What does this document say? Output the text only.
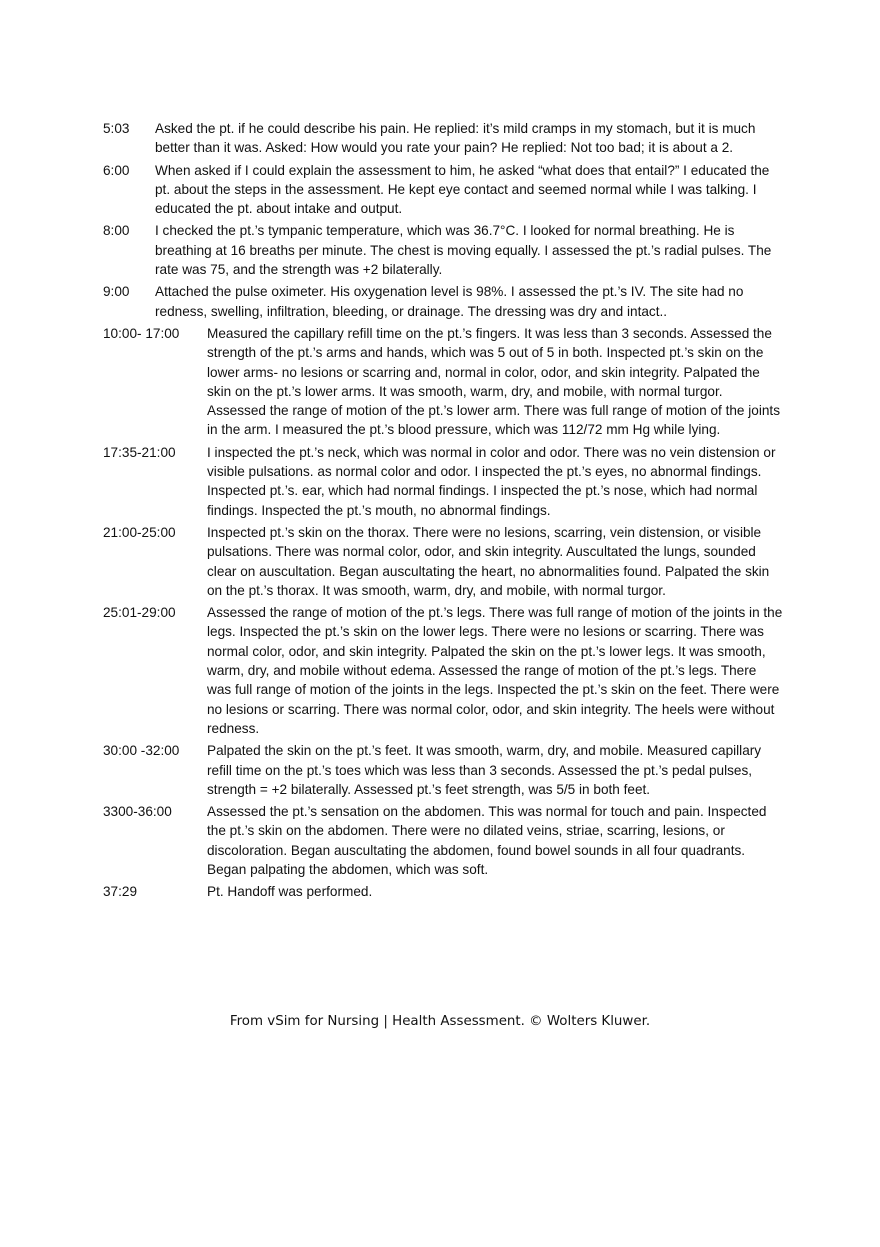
5:03	Asked the pt. if he could describe his pain. He replied: it’s mild cramps in my stomach, but it is much better than it was. Asked: How would you rate your pain? He replied: Not too bad; it is about a 2.
6:00	When asked if I could explain the assessment to him, he asked “what does that entail?” I educated the pt. about the steps in the assessment. He kept eye contact and seemed normal while I was talking. I educated the pt. about intake and output.
8:00	I checked the pt.’s tympanic temperature, which was 36.7°C. I looked for normal breathing. He is breathing at 16 breaths per minute. The chest is moving equally. I assessed the pt.’s radial pulses. The rate was 75, and the strength was +2 bilaterally.
9:00	Attached the pulse oximeter. His oxygenation level is 98%. I assessed the pt.’s IV. The site had no redness, swelling, infiltration, bleeding, or drainage. The dressing was dry and intact..
10:00- 17:00	Measured the capillary refill time on the pt.’s fingers. It was less than 3 seconds. Assessed the strength of the pt.’s arms and hands, which was 5 out of 5 in both. Inspected pt.’s skin on the lower arms- no lesions or scarring and, normal in color, odor, and skin integrity. Palpated the skin on the pt.’s lower arms. It was smooth, warm, dry, and mobile, with normal turgor. Assessed the range of motion of the pt.’s lower arm. There was full range of motion of the joints in the arm. I measured the pt.’s blood pressure, which was 112/72 mm Hg while lying.
17:35-21:00	I inspected the pt.’s neck, which was normal in color and odor. There was no vein distension or visible pulsations. as normal color and odor. I inspected the pt.’s eyes, no abnormal findings. Inspected pt.’s. ear, which had normal findings. I inspected the pt.’s nose, which had normal findings. Inspected the pt.’s mouth, no abnormal findings.
21:00-25:00	Inspected pt.’s skin on the thorax. There were no lesions, scarring, vein distension, or visible pulsations. There was normal color, odor, and skin integrity. Auscultated the lungs, sounded clear on auscultation. Began auscultating the heart, no abnormalities found. Palpated the skin on the pt.’s thorax. It was smooth, warm, dry, and mobile, with normal turgor.
25:01-29:00	Assessed the range of motion of the pt.’s legs. There was full range of motion of the joints in the legs. Inspected the pt.’s skin on the lower legs. There were no lesions or scarring. There was normal color, odor, and skin integrity. Palpated the skin on the pt.’s lower legs. It was smooth, warm, dry, and mobile without edema. Assessed the range of motion of the pt.’s legs. There was full range of motion of the joints in the legs. Inspected the pt.’s skin on the feet. There were no lesions or scarring. There was normal color, odor, and skin integrity. The heels were without redness.
30:00 -32:00	Palpated the skin on the pt.’s feet. It was smooth, warm, dry, and mobile. Measured capillary refill time on the pt.’s toes which was less than 3 seconds. Assessed the pt.’s pedal pulses, strength = +2 bilaterally. Assessed pt.’s feet strength, was 5/5 in both feet.
3300-36:00	Assessed the pt.’s sensation on the abdomen. This was normal for touch and pain. Inspected the pt.’s skin on the abdomen. There were no dilated veins, striae, scarring, lesions, or discoloration. Began auscultating the abdomen, found bowel sounds in all four quadrants. Began palpating the abdomen, which was soft.
37:29	Pt. Handoff was performed.
From vSim for Nursing | Health Assessment. © Wolters Kluwer.
